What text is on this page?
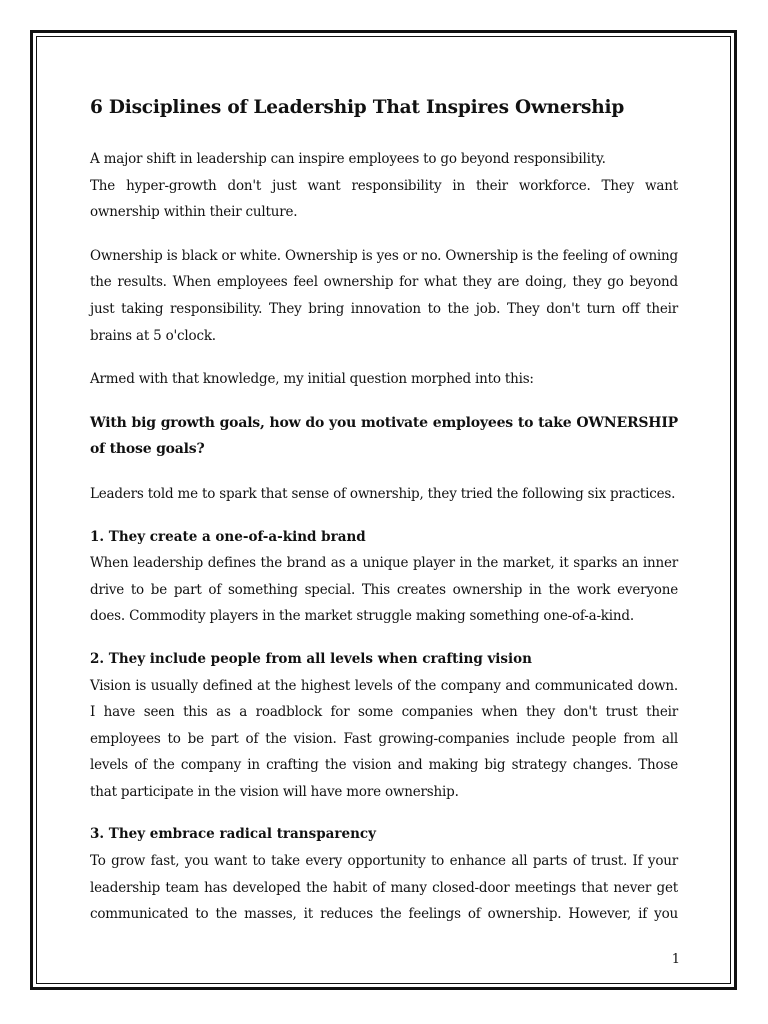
6 Disciplines of Leadership That Inspires Ownership

A major shift in leadership can inspire employees to go beyond responsibility.

The hyper-growth don't just want responsibility in their workforce. They want ownership within their culture.

Ownership is black or white. Ownership is yes or no. Ownership is the feeling of owning the results. When employees feel ownership for what they are doing, they go beyond just taking responsibility. They bring innovation to the job. They don't turn off their brains at 5 o'clock.

Armed with that knowledge, my initial question morphed into this:

With big growth goals, how do you motivate employees to take OWNERSHIP of those goals?

Leaders told me to spark that sense of ownership, they tried the following six practices.

1. They create a one-of-a-kind brand

When leadership defines the brand as a unique player in the market, it sparks an inner drive to be part of something special. This creates ownership in the work everyone does. Commodity players in the market struggle making something one-of-a-kind.

2. They include people from all levels when crafting vision

Vision is usually defined at the highest levels of the company and communicated down. I have seen this as a roadblock for some companies when they don't trust their employees to be part of the vision. Fast growing-companies include people from all levels of the company in crafting the vision and making big strategy changes. Those that participate in the vision will have more ownership.

3. They embrace radical transparency

To grow fast, you want to take every opportunity to enhance all parts of trust. If your leadership team has developed the habit of many closed-door meetings that never get communicated to the masses, it reduces the feelings of ownership. However, if you

1
